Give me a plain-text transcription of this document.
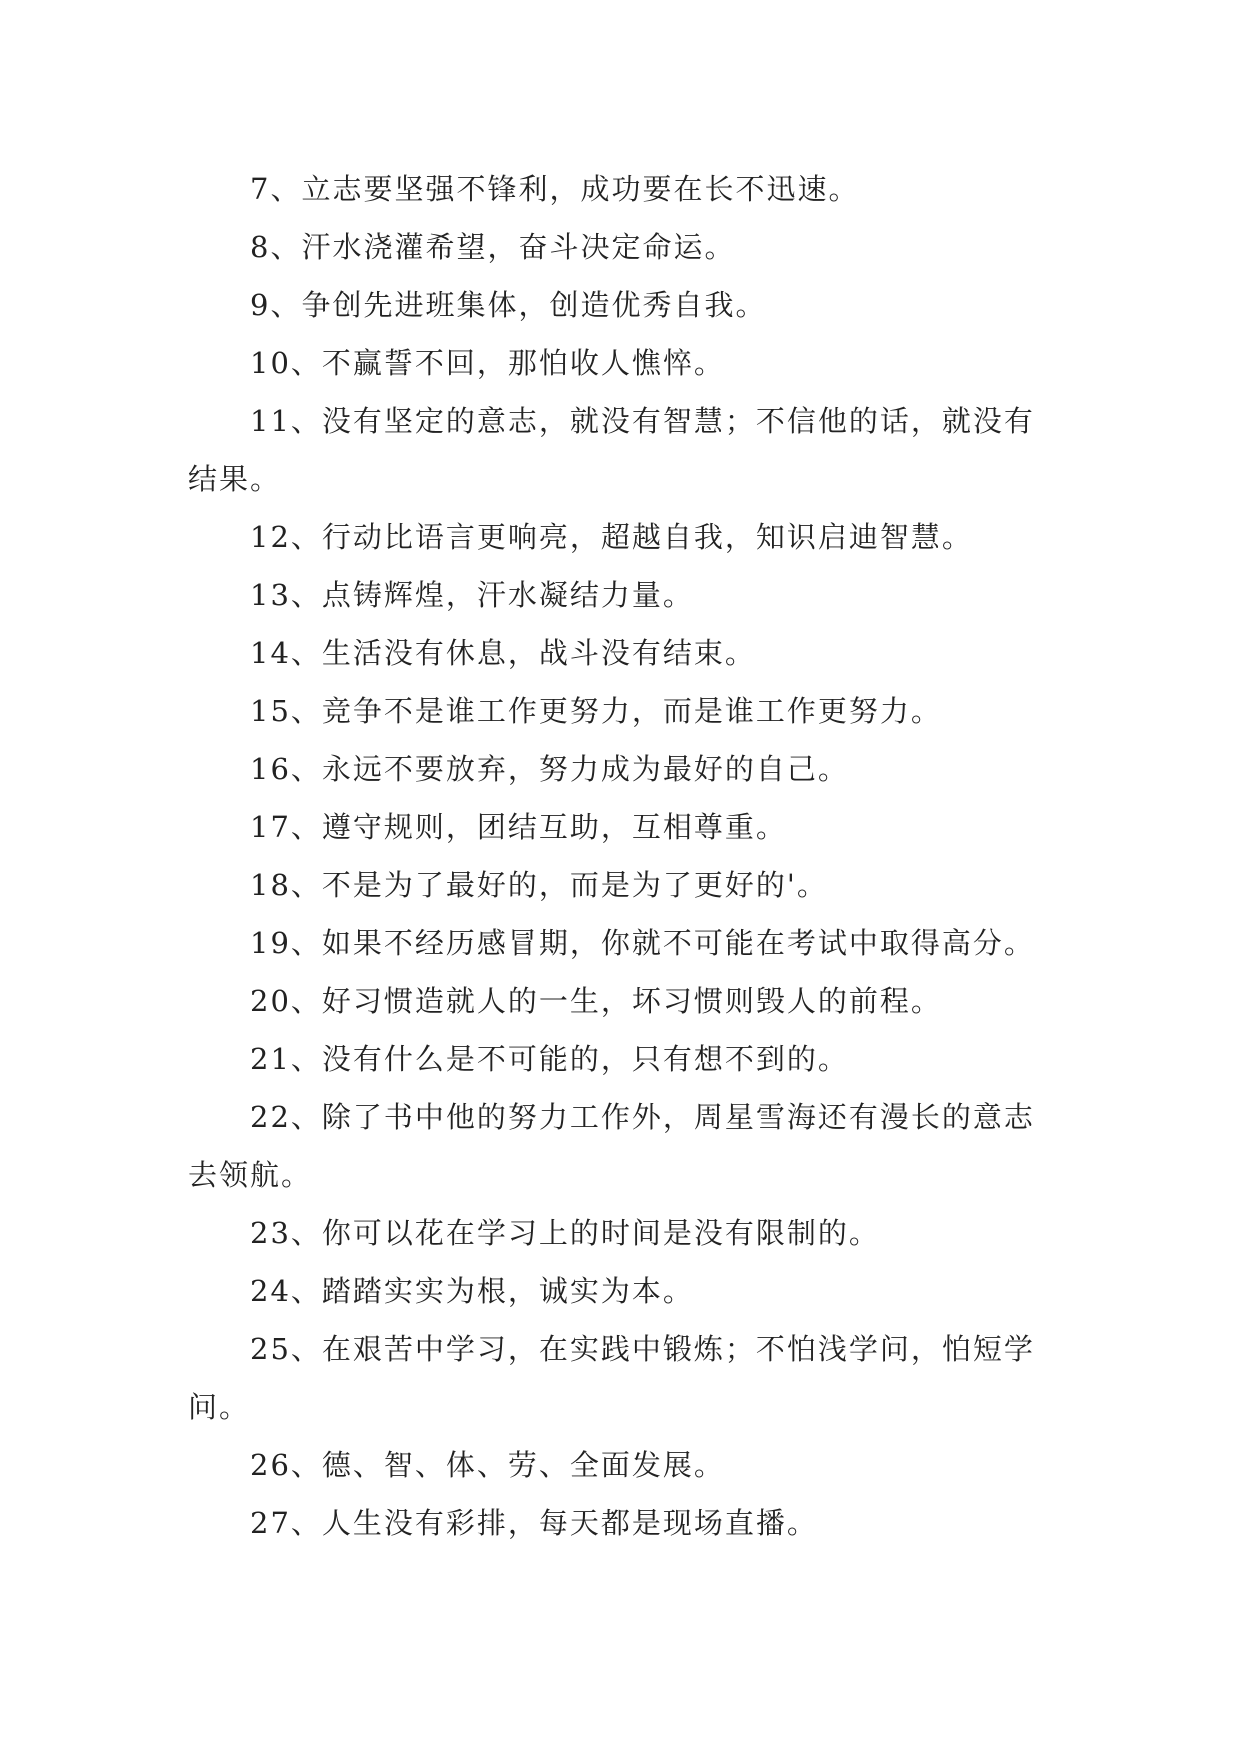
7、立志要坚强不锋利，成功要在长不迅速。

8、汗水浇灌希望，奋斗决定命运。

9、争创先进班集体，创造优秀自我。

10、不赢誓不回，那怕收人憔悴。

11、没有坚定的意志，就没有智慧；不信他的话，就没有结果。

12、行动比语言更响亮，超越自我，知识启迪智慧。

13、点铸辉煌，汗水凝结力量。

14、生活没有休息，战斗没有结束。

15、竞争不是谁工作更努力，而是谁工作更努力。

16、永远不要放弃，努力成为最好的自己。

17、遵守规则，团结互助，互相尊重。

18、不是为了最好的，而是为了更好的'。

19、如果不经历感冒期，你就不可能在考试中取得高分。

20、好习惯造就人的一生，坏习惯则毁人的前程。

21、没有什么是不可能的，只有想不到的。

22、除了书中他的努力工作外，周星雪海还有漫长的意志去领航。

23、你可以花在学习上的时间是没有限制的。

24、踏踏实实为根，诚实为本。

25、在艰苦中学习，在实践中锻炼；不怕浅学问，怕短学问。

26、德、智、体、劳、全面发展。

27、人生没有彩排，每天都是现场直播。
